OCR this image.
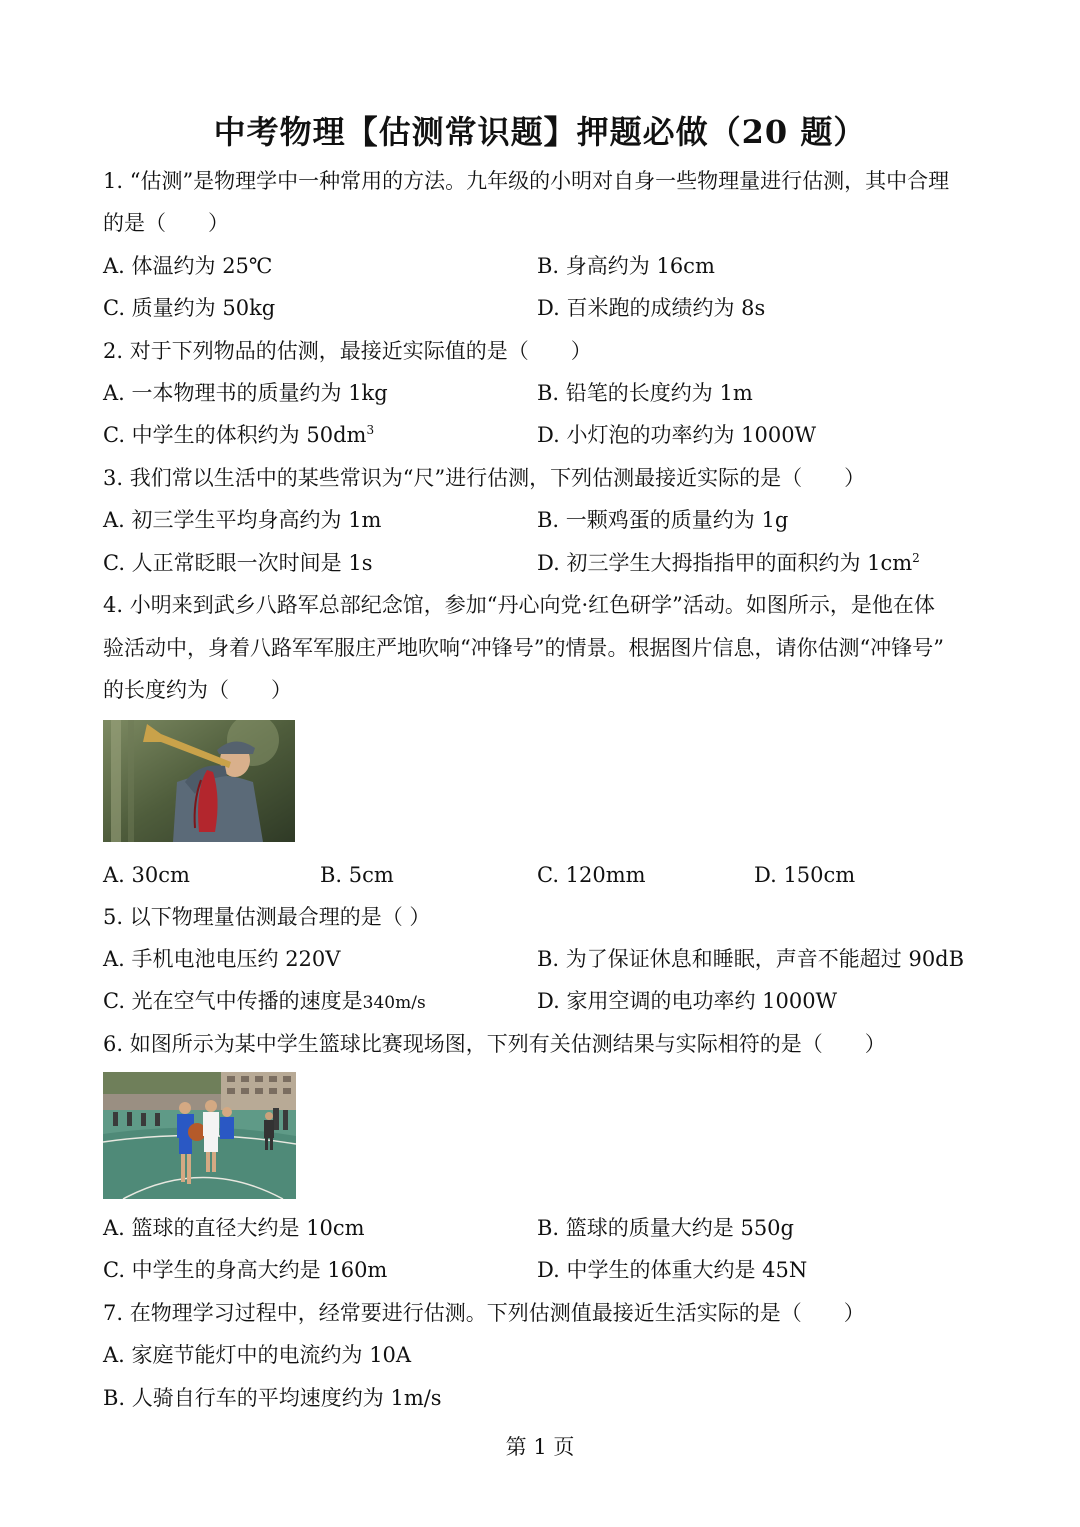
中考物理【估测常识题】押题必做（20 题）
1. “估测”是物理学中一种常用的方法。九年级的小明对自身一些物理量进行估测，其中合理
的是（　　）
A. 体温约为 25℃	B. 身高约为 16cm
C. 质量约为 50kg	D. 百米跑的成绩约为 8s
2. 对于下列物品的估测，最接近实际值的是（　　）
A. 一本物理书的质量约为 1kg	B. 铅笔的长度约为 1m
C. 中学生的体积约为 $50dm^3$	D. 小灯泡的功率约为 1000W
3. 我们常以生活中的某些常识为“尺”进行估测，下列估测最接近实际的是（　　）
A. 初三学生平均身高约为 1m	B. 一颗鸡蛋的质量约为 1g
C. 人正常眨眼一次时间是 1s	D. 初三学生大拇指指甲的面积约为 $1cm^2$
4. 小明来到武乡八路军总部纪念馆，参加“丹心向党·红色研学”活动。如图所示，是他在体
验活动中，身着八路军军服庄严地吹响“冲锋号”的情景。根据图片信息，请你估测“冲锋号”
的长度约为（　　）
A. 30cm	B. 5cm	C. 120mm	D. 150cm
5. 以下物理量估测最合理的是（ ）
A. 手机电池电压约 220V	B. 为了保证休息和睡眠，声音不能超过 90dB
C. 光在空气中传播的速度是340m/s	D. 家用空调的电功率约 1000W
6. 如图所示为某中学生篮球比赛现场图，下列有关估测结果与实际相符的是（　　）
A. 篮球的直径大约是 10cm	B. 篮球的质量大约是 550g
C. 中学生的身高大约是 160m	D. 中学生的体重大约是 45N
7. 在物理学习过程中，经常要进行估测。下列估测值最接近生活实际的是（　　）
A. 家庭节能灯中的电流约为 10A
B. 人骑自行车的平均速度约为 1m/s
第 1 页
